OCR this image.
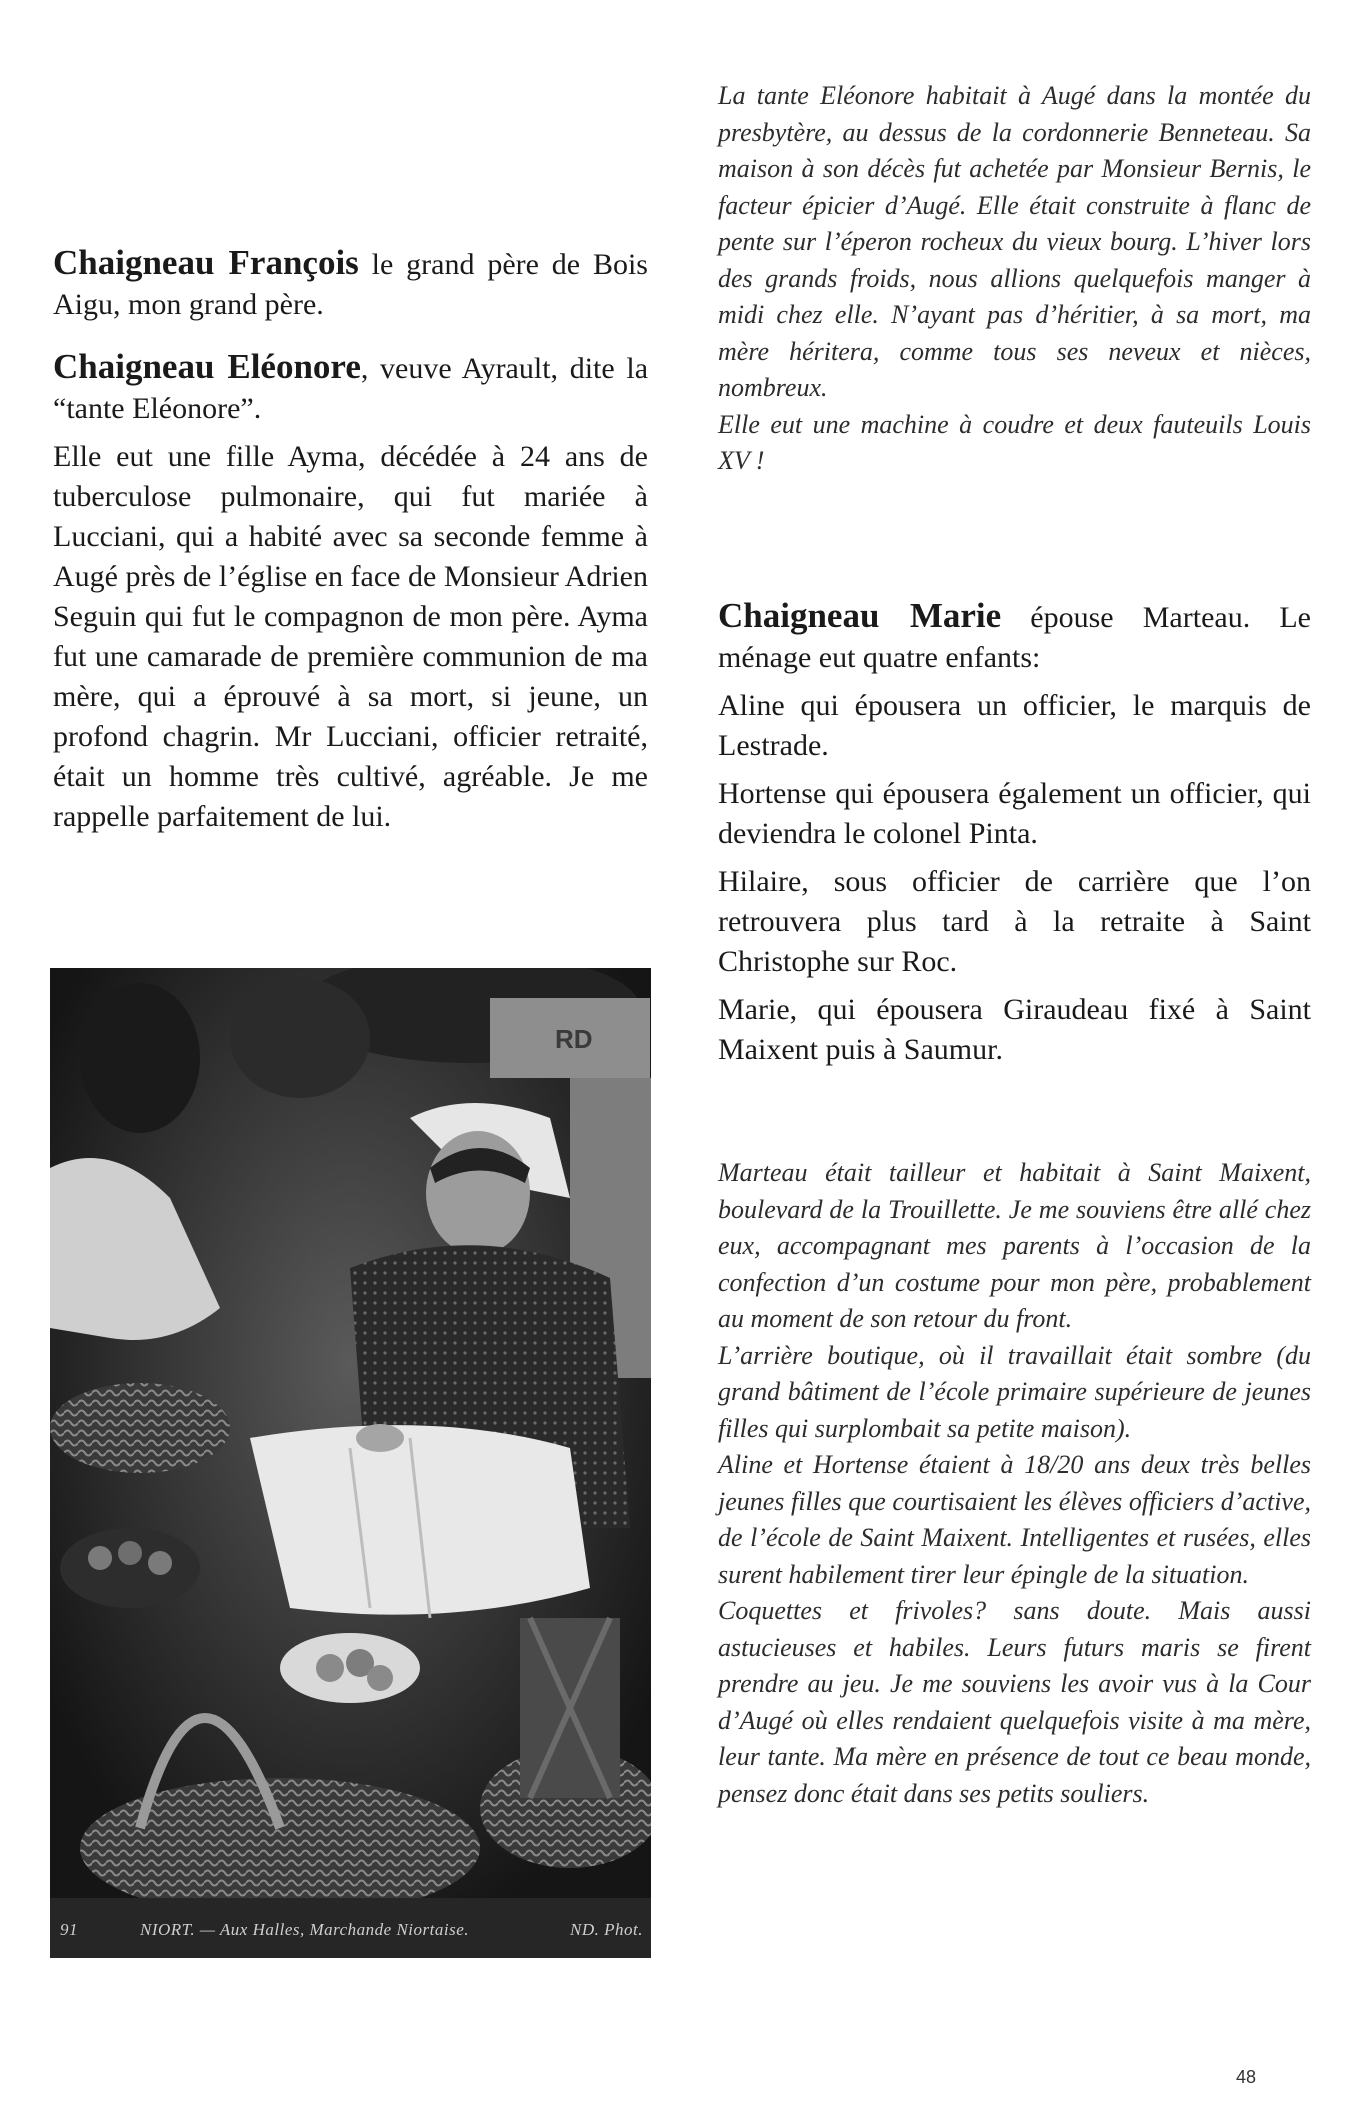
Chaigneau François le grand père de Bois Aigu, mon grand père.

Chaigneau Eléonore, veuve Ayrault, dite la “tante Eléonore”.

Elle eut une fille Ayma, décédée à 24 ans de tuberculose pulmonaire, qui fut mariée à Lucciani, qui a habité avec sa seconde femme à Augé près de l’église en face de Monsieur Adrien Seguin qui fut le compagnon de mon père. Ayma fut une camarade de première communion de ma mère, qui a éprouvé à sa mort, si jeune, un profond chagrin. Mr Lucciani, officier retraité, était un homme très cultivé, agréable. Je me rappelle parfaitement de lui.

RD
91	NIORT. — Aux Halles, Marchande Niortaise.	ND. Phot.

La tante Eléonore habitait à Augé dans la montée du presbytère, au dessus de la cordonnerie Benneteau. Sa maison à son décès fut achetée par Monsieur Bernis, le facteur épicier d’Augé. Elle était construite à flanc de pente sur l’éperon rocheux du vieux bourg. L’hiver lors des grands froids, nous allions quelquefois manger à midi chez elle. N’ayant pas d’héritier, à sa mort, ma mère héritera, comme tous ses neveux et nièces, nombreux.

Elle eut une machine à coudre et deux fauteuils Louis XV !

Chaigneau Marie épouse Marteau. Le ménage eut quatre enfants:

Aline qui épousera un officier, le marquis de Lestrade.

Hortense qui épousera également un officier, qui deviendra le colonel Pinta.

Hilaire, sous officier de carrière que l’on retrouvera plus tard à la retraite à Saint Christophe sur Roc.

Marie, qui épousera Giraudeau fixé à Saint Maixent puis à Saumur.

Marteau était tailleur et habitait à Saint Maixent, boulevard de la Trouillette. Je me souviens être allé chez eux, accompagnant mes parents à l’occasion de la confection d’un costume pour mon père, probablement au moment de son retour du front.

L’arrière boutique, où il travaillait était sombre (du grand bâtiment de l’école primaire supérieure de jeunes filles qui surplombait sa petite maison).

Aline et Hortense étaient à 18/20 ans deux très belles jeunes filles que courtisaient les élèves officiers d’active, de l’école de Saint Maixent. Intelligentes et rusées, elles surent habilement tirer leur épingle de la situation.

Coquettes et frivoles? sans doute. Mais aussi astucieuses et habiles. Leurs futurs maris se firent prendre au jeu. Je me souviens les avoir vus à la Cour d’Augé où elles rendaient quelquefois visite à ma mère, leur tante. Ma mère en présence de tout ce beau monde, pensez donc était dans ses petits souliers.

48
